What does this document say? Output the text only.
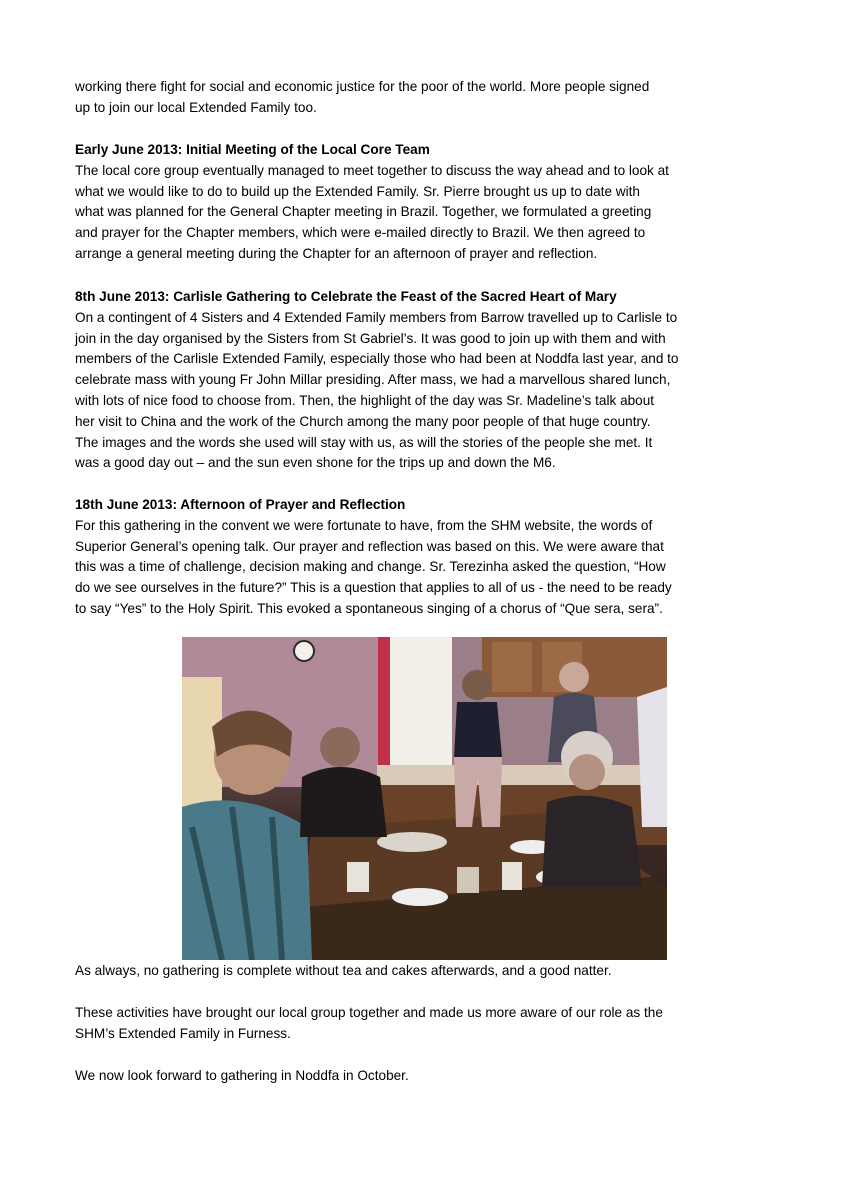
working there fight for social and economic justice for the poor of the world. More people signed
up to join our local Extended Family too.

Early June 2013: Initial Meeting of the Local Core Team
The local core group eventually managed to meet together to discuss the way ahead and to look at
what we would like to do to build up the Extended Family. Sr. Pierre brought us up to date with
what was planned for the General Chapter meeting in Brazil. Together, we formulated a greeting
and prayer for the Chapter members, which were e-mailed directly to Brazil. We then agreed to
arrange a general meeting during the Chapter for an afternoon of prayer and reflection.

8th June 2013: Carlisle Gathering to Celebrate the Feast of the Sacred Heart of Mary
On a contingent of 4 Sisters and 4 Extended Family members from Barrow travelled up to Carlisle to
join in the day organised by the Sisters from St Gabriel’s. It was good to join up with them and with
members of the Carlisle Extended Family, especially those who had been at Noddfa last year, and to
celebrate mass with young Fr John Millar presiding. After mass, we had a marvellous shared lunch,
with lots of nice food to choose from. Then, the highlight of the day was Sr. Madeline’s talk about
her visit to China and the work of the Church among the many poor people of that huge country.
The images and the words she used will stay with us, as will the stories of the people she met. It
was a good day out – and the sun even shone for the trips up and down the M6.

18th June 2013: Afternoon of Prayer and Reflection
For this gathering in the convent we were fortunate to have, from the SHM website, the words of
Superior General’s opening talk. Our prayer and reflection was based on this. We were aware that
this was a time of challenge, decision making and change. Sr. Terezinha asked the question, “How
do we see ourselves in the future?” This is a question that applies to all of us - the need to be ready
to say “Yes” to the Holy Spirit. This evoked a spontaneous singing of a chorus of “Que sera, sera”.

As always, no gathering is complete without tea and cakes afterwards, and a good natter.

These activities have brought our local group together and made us more aware of our role as the
SHM’s Extended Family in Furness.

We now look forward to gathering in Noddfa in October.
